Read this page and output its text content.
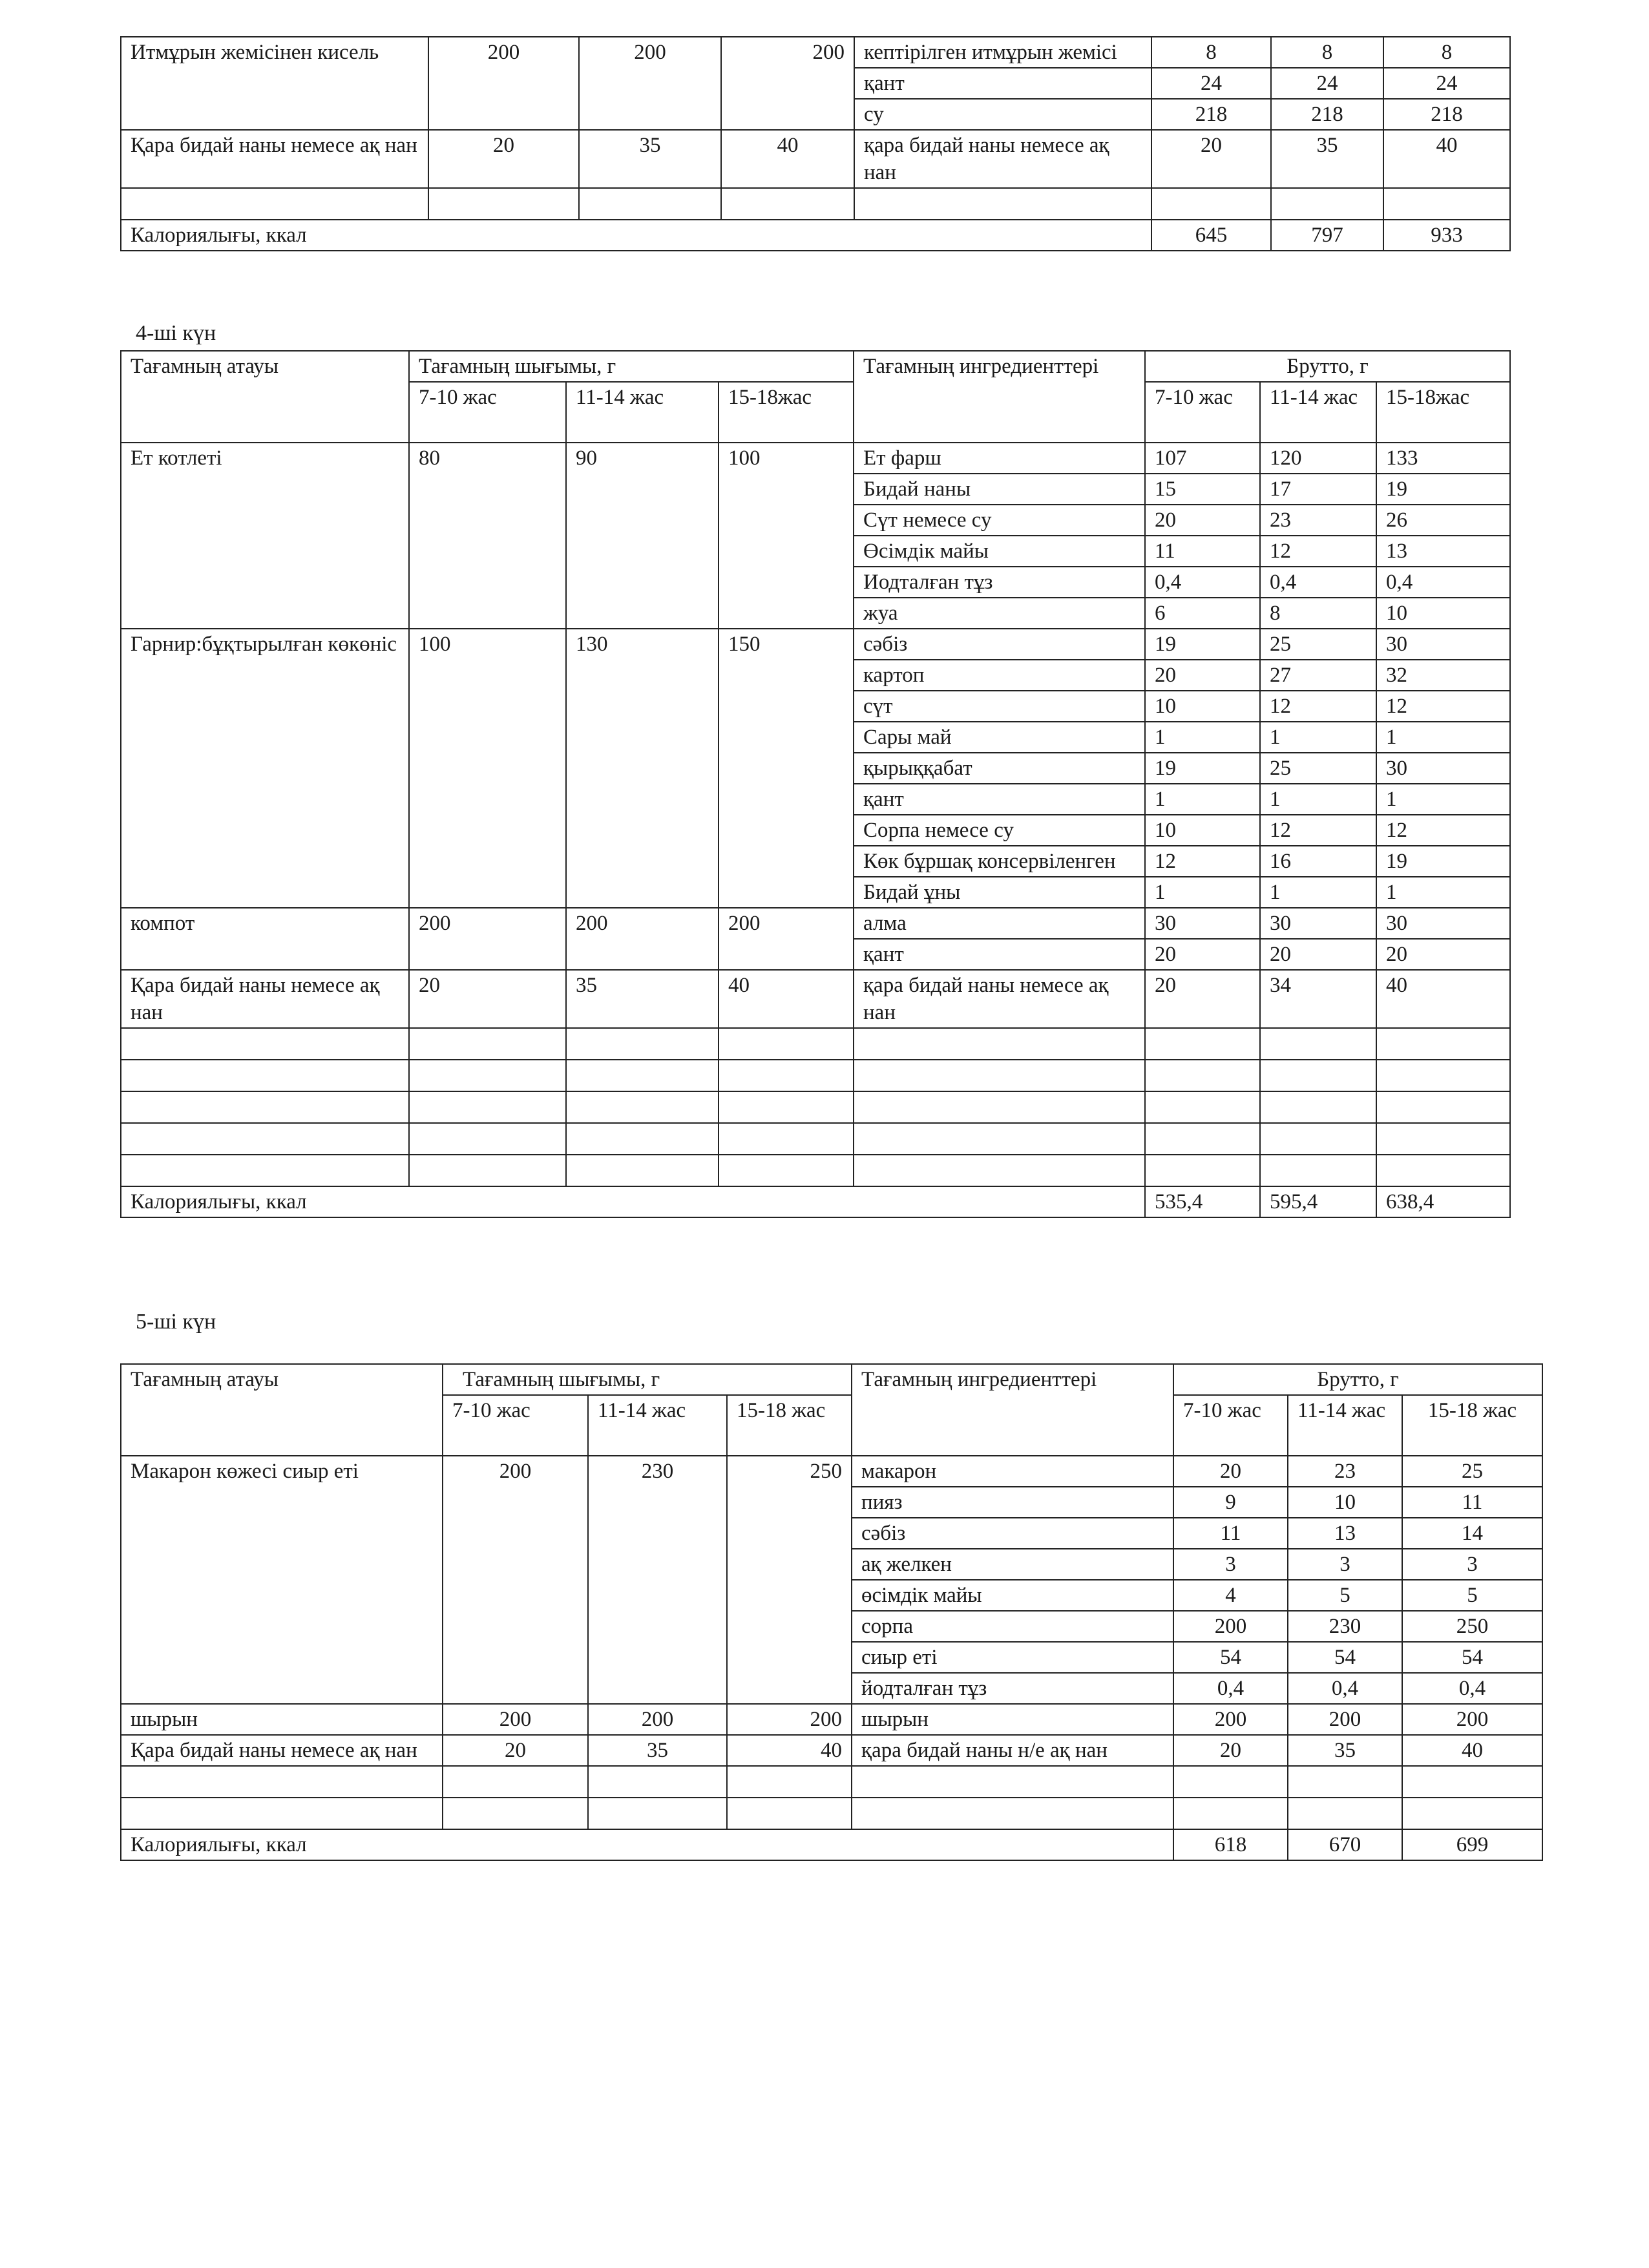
Итмұрын жемісінен кисель	200	200	200	кептірілген итмұрын жемісі	8	8	8
				қант	24	24	24
				су	218	218	218
Қара бидай наны немесе ақ нан	20	35	40	қара бидай наны немесе ақ нан	20	35	40

Калориялығы, ккал					645	797	933
4-ші күн
Тағамның атауы	Тағамның шығымы, г			Тағамның ингредиенттері	Брутто, г		
	7-10 жас	11-14 жас	15-18жас		7-10 жас	11-14 жас	15-18жас
Ет котлеті	80	90	100	Ет фарш	107	120	133
				Бидай наны	15	17	19
				Сүт немесе су	20	23	26
				Өсімдік майы	11	12	13
				Иодталған тұз	0,4	0,4	0,4
				жуа	6	8	10
Гарнир:бұқтырылған көкөніс	100	130	150	сәбіз	19	25	30
				картоп	20	27	32
				сүт	10	12	12
				Сары май	1	1	1
				қырыққабат	19	25	30
				қант	1	1	1
				Сорпа немесе су	10	12	12
				Көк бұршақ консервіленген	12	16	19
				Бидай ұны	1	1	1
компот	200	200	200	алма	30	30	30
				қант	20	20	20
Қара бидай наны немесе ақ нан	20	35	40	қара бидай наны немесе ақ нан	20	34	40

Калориялығы, ккал					535,4	595,4	638,4
5-ші күн
Тағамның атауы	Тағамның шығымы, г			Тағамның ингредиенттері	Брутто, г		
	7-10 жас	11-14 жас	15-18 жас		7-10 жас	11-14 жас	15-18 жас
Макарон көжесі сиыр еті	200	230	250	макарон	20	23	25
				пияз	9	10	11
				сәбіз	11	13	14
				ақ желкен	3	3	3
				өсімдік майы	4	5	5
				сорпа	200	230	250
				сиыр еті	54	54	54
				йодталған тұз	0,4	0,4	0,4
шырын	200	200	200	шырын	200	200	200
Қара бидай наны немесе ақ нан	20	35	40	қара бидай наны н/е ақ нан	20	35	40

Калориялығы, ккал					618	670	699
